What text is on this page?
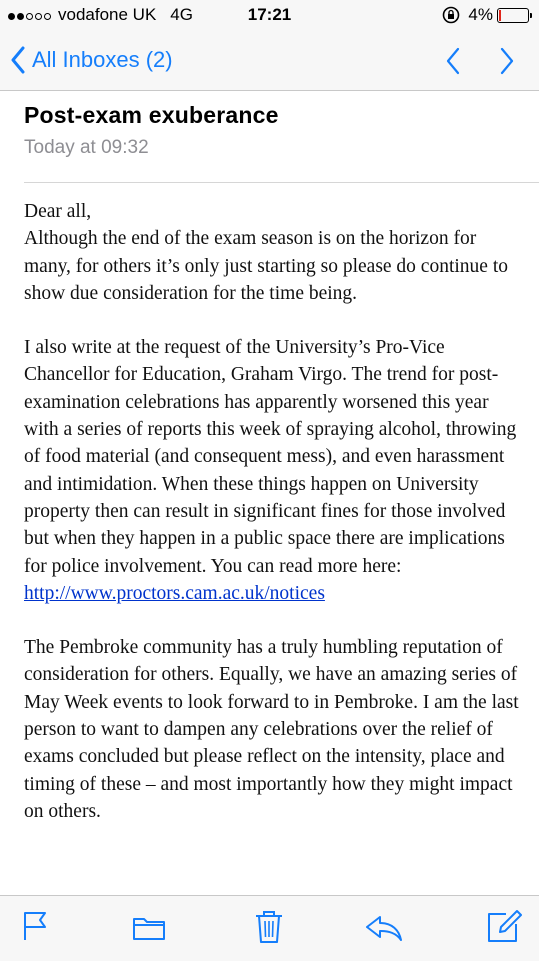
vodafone UK 4G	17:21	4%
All Inboxes (2)
Post-exam exuberance
Today at 09:32
Dear all,

Although the end of the exam season is on the horizon for many, for others it’s only just starting so please do continue to show due consideration for the time being.

I also write at the request of the University’s Pro-Vice Chancellor for Education, Graham Virgo. The trend for post-examination celebrations has apparently worsened this year with a series of reports this week of spraying alcohol, throwing of food material (and consequent mess), and even harassment and intimidation. When these things happen on University property then can result in significant fines for those involved but when they happen in a public space there are implications for police involvement. You can read more here: http://www.proctors.cam.ac.uk/notices

The Pembroke community has a truly humbling reputation of consideration for others. Equally, we have an amazing series of May Week events to look forward to in Pembroke. I am the last person to want to dampen any celebrations over the relief of exams concluded but please reflect on the intensity, place and timing of these – and most importantly how they might impact on others.
